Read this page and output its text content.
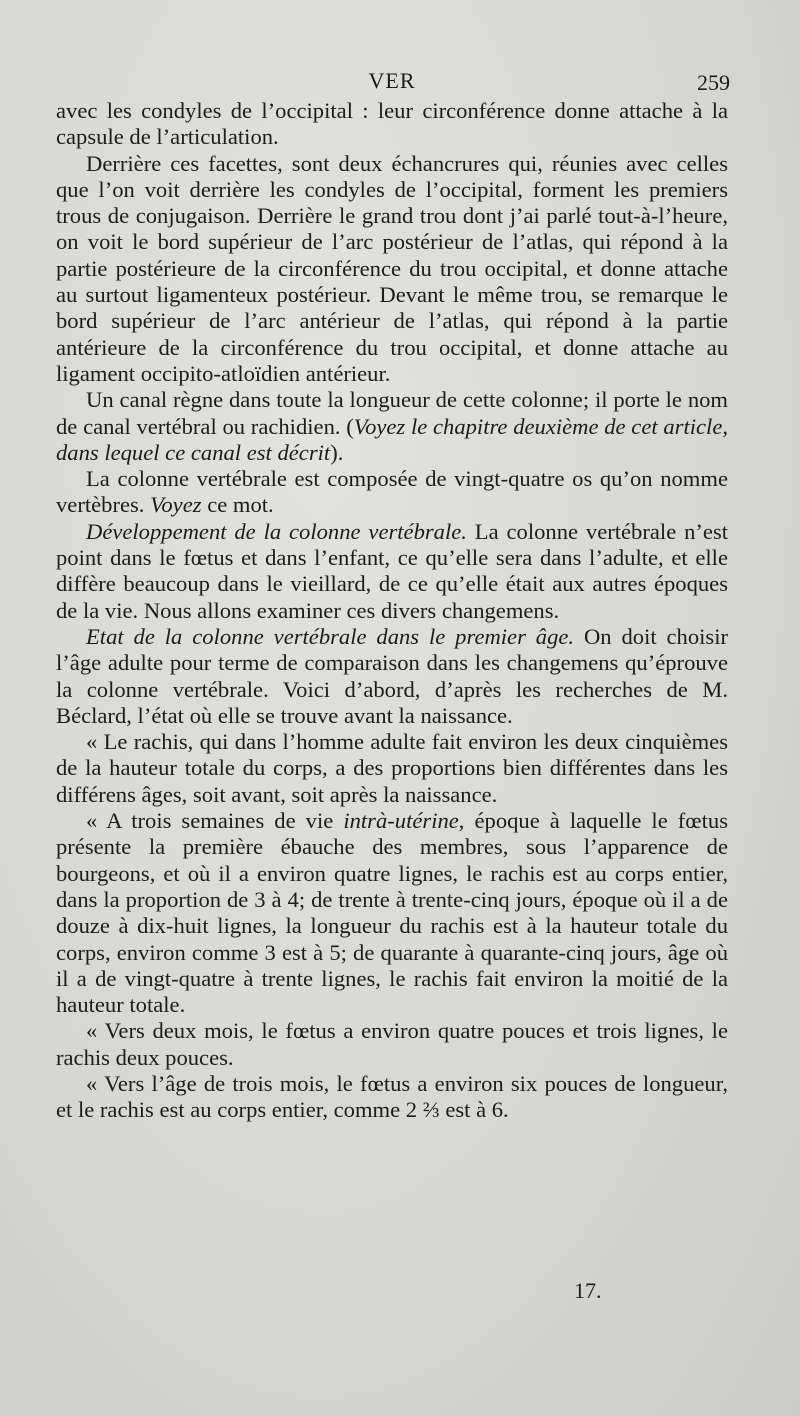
VER	259

avec les condyles de l’occipital : leur circonférence donne attache à la capsule de l’articulation.

Derrière ces facettes, sont deux échancrures qui, réunies avec celles que l’on voit derrière les condyles de l’occipital, forment les premiers trous de conjugaison. Derrière le grand trou dont j’ai parlé tout-à-l’heure, on voit le bord supérieur de l’arc postérieur de l’atlas, qui répond à la partie postérieure de la circonférence du trou occipital, et donne attache au surtout ligamenteux postérieur. Devant le même trou, se remarque le bord supérieur de l’arc antérieur de l’atlas, qui répond à la partie antérieure de la circonférence du trou occipital, et donne attache au ligament occipito-atloïdien antérieur.

Un canal règne dans toute la longueur de cette colonne; il porte le nom de canal vertébral ou rachidien. (Voyez le chapitre deuxième de cet article, dans lequel ce canal est décrit).

La colonne vertébrale est composée de vingt-quatre os qu’on nomme vertèbres. Voyez ce mot.

Développement de la colonne vertébrale. La colonne vertébrale n’est point dans le fœtus et dans l’enfant, ce qu’elle sera dans l’adulte, et elle diffère beaucoup dans le vieillard, de ce qu’elle était aux autres époques de la vie. Nous allons examiner ces divers changemens.

Etat de la colonne vertébrale dans le premier âge. On doit choisir l’âge adulte pour terme de comparaison dans les changemens qu’éprouve la colonne vertébrale. Voici d’abord, d’après les recherches de M. Béclard, l’état où elle se trouve avant la naissance.

« Le rachis, qui dans l’homme adulte fait environ les deux cinquièmes de la hauteur totale du corps, a des proportions bien différentes dans les différens âges, soit avant, soit après la naissance.

« A trois semaines de vie intrà-utérine, époque à laquelle le fœtus présente la première ébauche des membres, sous l’apparence de bourgeons, et où il a environ quatre lignes, le rachis est au corps entier, dans la proportion de 3 à 4; de trente à trente-cinq jours, époque où il a de douze à dix-huit lignes, la longueur du rachis est à la hauteur totale du corps, environ comme 3 est à 5; de quarante à quarante-cinq jours, âge où il a de vingt-quatre à trente lignes, le rachis fait environ la moitié de la hauteur totale.

« Vers deux mois, le fœtus a environ quatre pouces et trois lignes, le rachis deux pouces.

« Vers l’âge de trois mois, le fœtus a environ six pouces de longueur, et le rachis est au corps entier, comme 2 ⅔ est à 6.

17.
